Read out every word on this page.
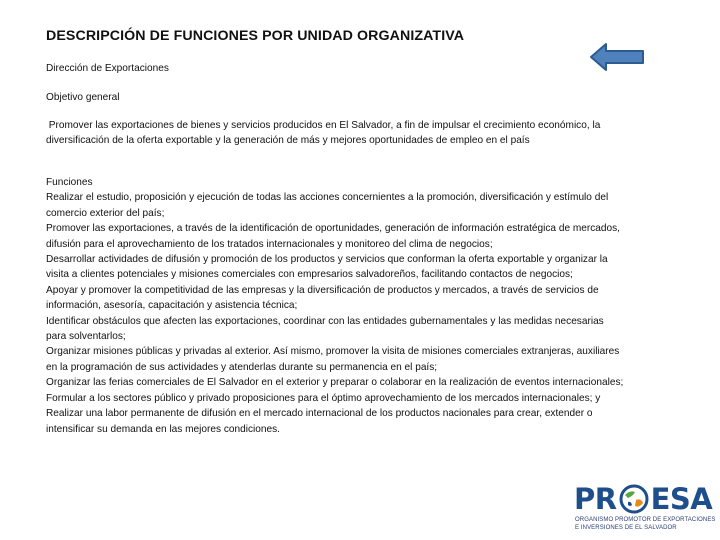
DESCRIPCIÓN DE FUNCIONES POR UNIDAD ORGANIZATIVA
Dirección de Exportaciones
Objetivo general
Promover las exportaciones de bienes y servicios producidos en El Salvador, a fin de impulsar el crecimiento económico, la
diversificación de la oferta exportable y la generación de más y mejores oportunidades de empleo en el país
Funciones
Realizar el estudio, proposición y ejecución de todas las acciones concernientes a la promoción, diversificación y estímulo del
comercio exterior del país;
Promover las exportaciones, a través de la identificación de oportunidades, generación de información estratégica de mercados,
difusión para el aprovechamiento de los tratados internacionales y monitoreo del clima de negocios;
Desarrollar actividades de difusión y promoción de los productos y servicios que conforman la oferta exportable y organizar la
visita a clientes potenciales y misiones comerciales con empresarios salvadoreños, facilitando contactos de negocios;
Apoyar y promover la competitividad de las empresas y la diversificación de productos y mercados, a través de servicios de
información, asesoría, capacitación y asistencia técnica;
Identificar obstáculos que afecten las exportaciones, coordinar con las entidades gubernamentales y las medidas necesarias
para solventarlos;
Organizar misiones públicas y privadas al exterior. Así mismo, promover la visita de misiones comerciales extranjeras, auxiliares
en la programación de sus actividades y atenderlas durante su permanencia en el país;
Organizar las ferias comerciales de El Salvador en el exterior y preparar o colaborar en la realización de eventos internacionales;
Formular a los sectores público y privado proposiciones para el óptimo aprovechamiento de los mercados internacionales; y
Realizar una labor permanente de difusión en el mercado internacional de los productos nacionales para crear, extender o
intensificar su demanda en las mejores condiciones.
PR ESA
ORGANISMO PROMOTOR DE EXPORTACIONES
E INVERSIONES DE EL SALVADOR
